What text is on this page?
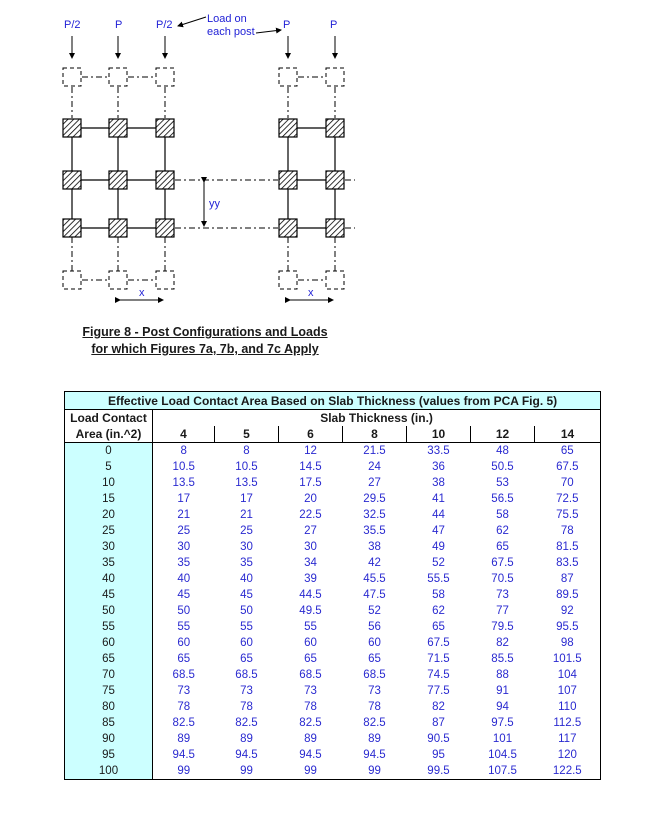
P/2	P	P/2	P	P
Load on
each post
yy
x	x
Figure 8 - Post Configurations and Loads
for which Figures 7a, 7b, and 7c Apply
Effective Load Contact Area Based on Slab Thickness (values from PCA Fig. 5)							
Load Contact	Slab Thickness (in.)						
Area (in.^2)	4	5	6	8	10	12	14
0	8	8	12	21.5	33.5	48	65
5	10.5	10.5	14.5	24	36	50.5	67.5
10	13.5	13.5	17.5	27	38	53	70
15	17	17	20	29.5	41	56.5	72.5
20	21	21	22.5	32.5	44	58	75.5
25	25	25	27	35.5	47	62	78
30	30	30	30	38	49	65	81.5
35	35	35	34	42	52	67.5	83.5
40	40	40	39	45.5	55.5	70.5	87
45	45	45	44.5	47.5	58	73	89.5
50	50	50	49.5	52	62	77	92
55	55	55	55	56	65	79.5	95.5
60	60	60	60	60	67.5	82	98
65	65	65	65	65	71.5	85.5	101.5
70	68.5	68.5	68.5	68.5	74.5	88	104
75	73	73	73	73	77.5	91	107
80	78	78	78	78	82	94	110
85	82.5	82.5	82.5	82.5	87	97.5	112.5
90	89	89	89	89	90.5	101	117
95	94.5	94.5	94.5	94.5	95	104.5	120
100	99	99	99	99	99.5	107.5	122.5
